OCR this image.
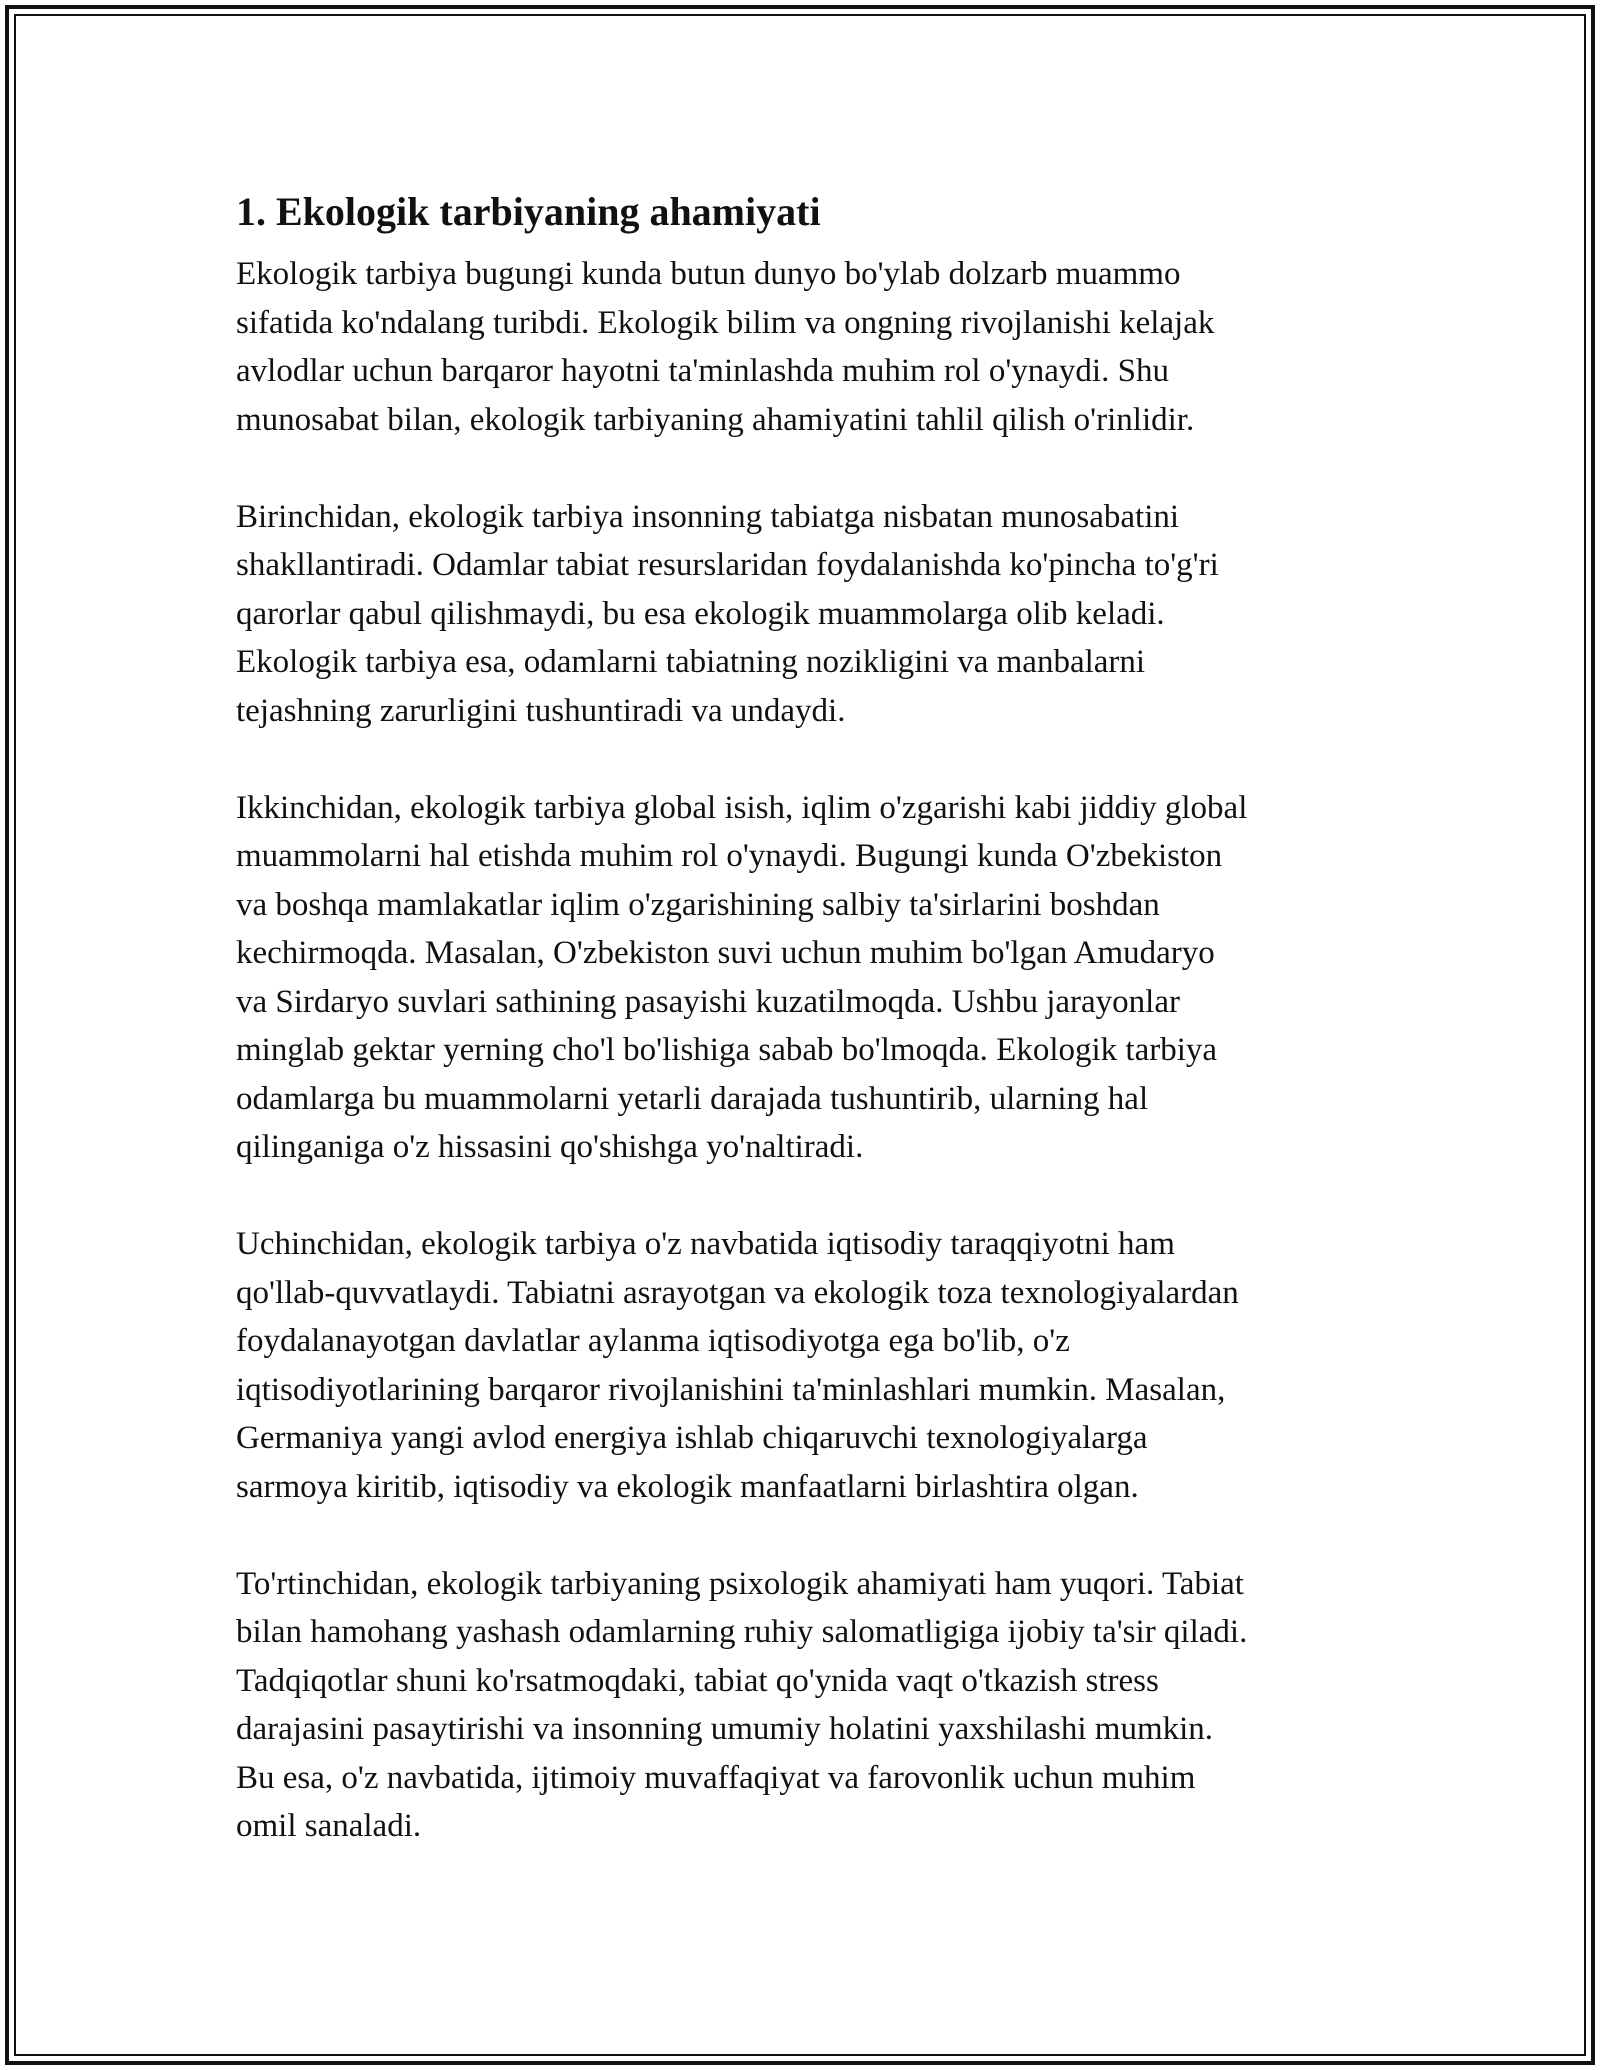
1. Ekologik tarbiyaning ahamiyati

Ekologik tarbiya bugungi kunda butun dunyo bo'ylab dolzarb muammo
sifatida ko'ndalang turibdi. Ekologik bilim va ongning rivojlanishi kelajak
avlodlar uchun barqaror hayotni ta'minlashda muhim rol o'ynaydi. Shu
munosabat bilan, ekologik tarbiyaning ahamiyatini tahlil qilish o'rinlidir.

Birinchidan, ekologik tarbiya insonning tabiatga nisbatan munosabatini
shakllantiradi. Odamlar tabiat resurslaridan foydalanishda ko'pincha to'g'ri
qarorlar qabul qilishmaydi, bu esa ekologik muammolarga olib keladi.
Ekologik tarbiya esa, odamlarni tabiatning nozikligini va manbalarni
tejashning zarurligini tushuntiradi va undaydi.

Ikkinchidan, ekologik tarbiya global isish, iqlim o'zgarishi kabi jiddiy global
muammolarni hal etishda muhim rol o'ynaydi. Bugungi kunda O'zbekiston
va boshqa mamlakatlar iqlim o'zgarishining salbiy ta'sirlarini boshdan
kechirmoqda. Masalan, O'zbekiston suvi uchun muhim bo'lgan Amudaryo
va Sirdaryo suvlari sathining pasayishi kuzatilmoqda. Ushbu jarayonlar
minglab gektar yerning cho'l bo'lishiga sabab bo'lmoqda. Ekologik tarbiya
odamlarga bu muammolarni yetarli darajada tushuntirib, ularning hal
qilinganiga o'z hissasini qo'shishga yo'naltiradi.

Uchinchidan, ekologik tarbiya o'z navbatida iqtisodiy taraqqiyotni ham
qo'llab-quvvatlaydi. Tabiatni asrayotgan va ekologik toza texnologiyalardan
foydalanayotgan davlatlar aylanma iqtisodiyotga ega bo'lib, o'z
iqtisodiyotlarining barqaror rivojlanishini ta'minlashlari mumkin. Masalan,
Germaniya yangi avlod energiya ishlab chiqaruvchi texnologiyalarga
sarmoya kiritib, iqtisodiy va ekologik manfaatlarni birlashtira olgan.

To'rtinchidan, ekologik tarbiyaning psixologik ahamiyati ham yuqori. Tabiat
bilan hamohang yashash odamlarning ruhiy salomatligiga ijobiy ta'sir qiladi.
Tadqiqotlar shuni ko'rsatmoqdaki, tabiat qo'ynida vaqt o'tkazish stress
darajasini pasaytirishi va insonning umumiy holatini yaxshilashi mumkin.
Bu esa, o'z navbatida, ijtimoiy muvaffaqiyat va farovonlik uchun muhim
omil sanaladi.
